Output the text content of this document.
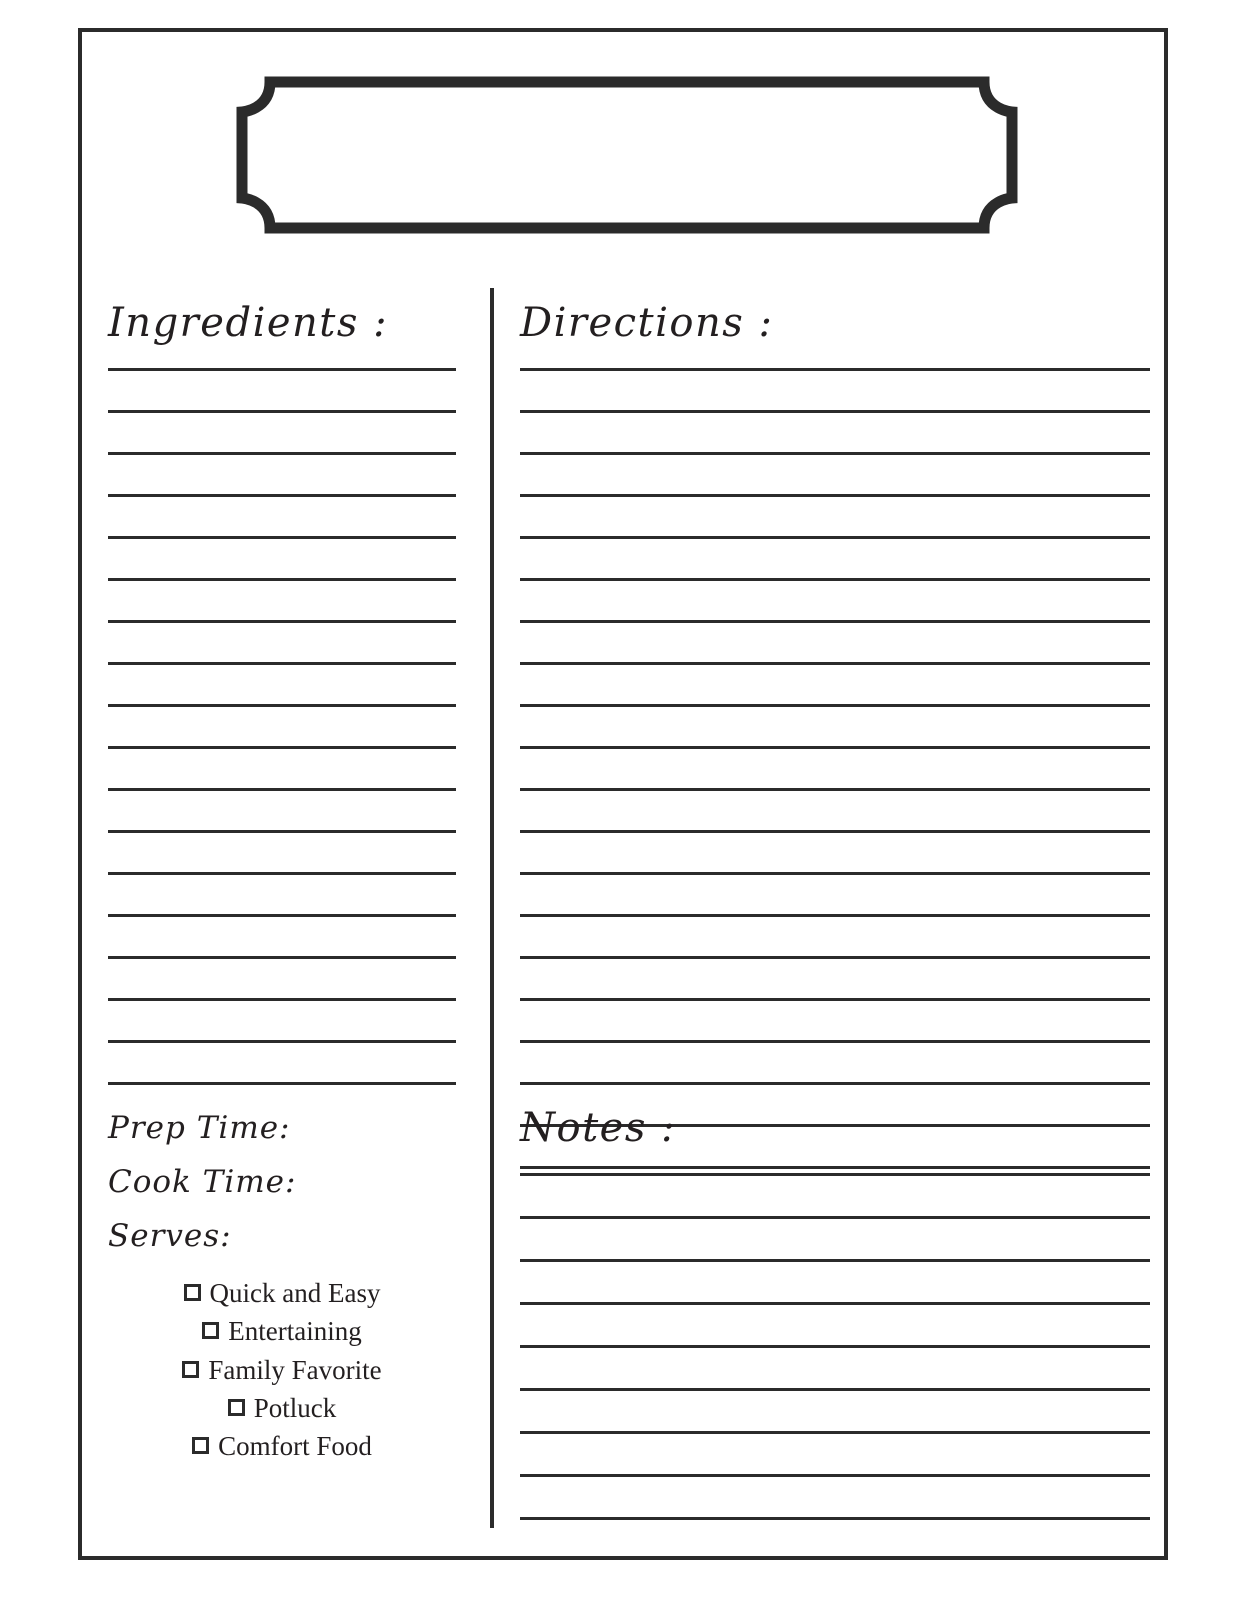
Ingredients :
Prep Time:
Cook Time:
Serves:
Quick and Easy
Entertaining
Family Favorite
Potluck
Comfort Food
Directions :
Notes :
